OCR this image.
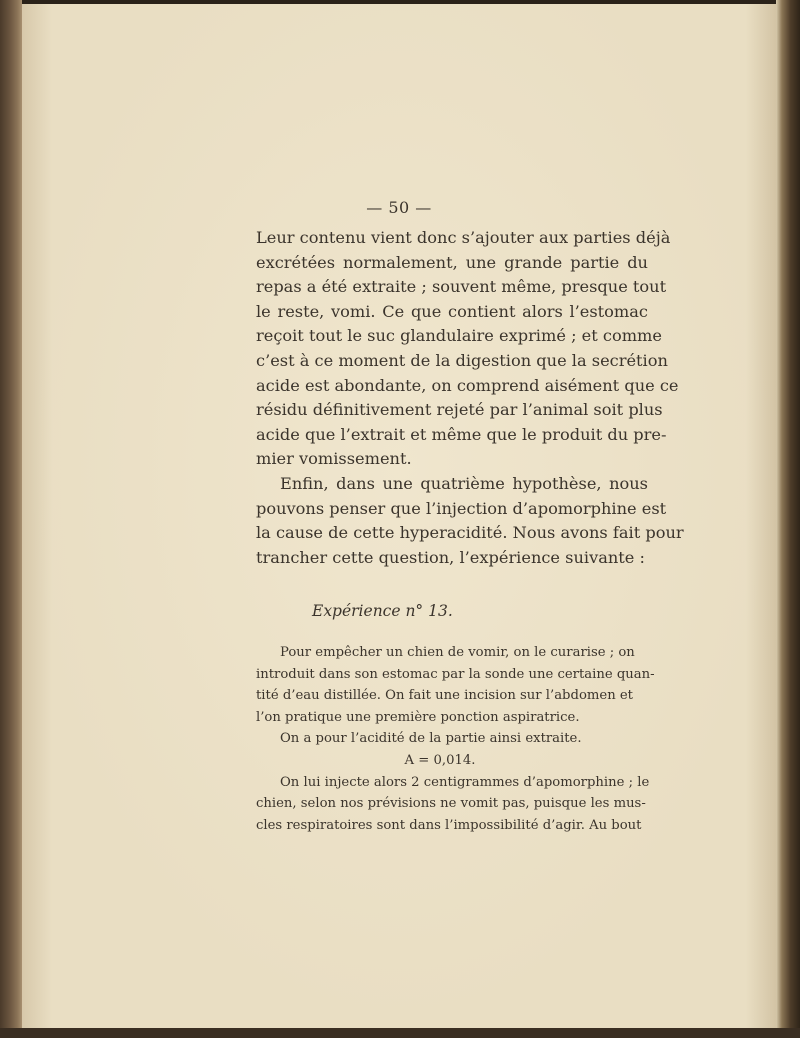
— 50 —
Leur contenu vient donc s’ajouter aux parties déjà
excrétées normalement, une grande partie du
repas a été extraite ; souvent même, presque tout
le reste, vomi. Ce que contient alors l’estomac
reçoit tout le suc glandulaire exprimé ; et comme
c’est à ce moment de la digestion que la secrétion
acide est abondante, on comprend aisément que ce
résidu définitivement rejeté par l’animal soit plus
acide que l’extrait et même que le produit du pre-
mier vomissement.
Enfin, dans une quatrième hypothèse, nous
pouvons penser que l’injection d’apomorphine est
la cause de cette hyperacidité. Nous avons fait pour
trancher cette question, l’expérience suivante :
Expérience n° 13.
Pour empêcher un chien de vomir, on le curarise ; on
introduit dans son estomac par la sonde une certaine quan-
tité d’eau distillée. On fait une incision sur l’abdomen et
l’on pratique une première ponction aspiratrice.
On a pour l’acidité de la partie ainsi extraite.
A = 0,014.
On lui injecte alors 2 centigrammes d’apomorphine ; le
chien, selon nos prévisions ne vomit pas, puisque les mus-
cles respiratoires sont dans l’impossibilité d’agir. Au bout
